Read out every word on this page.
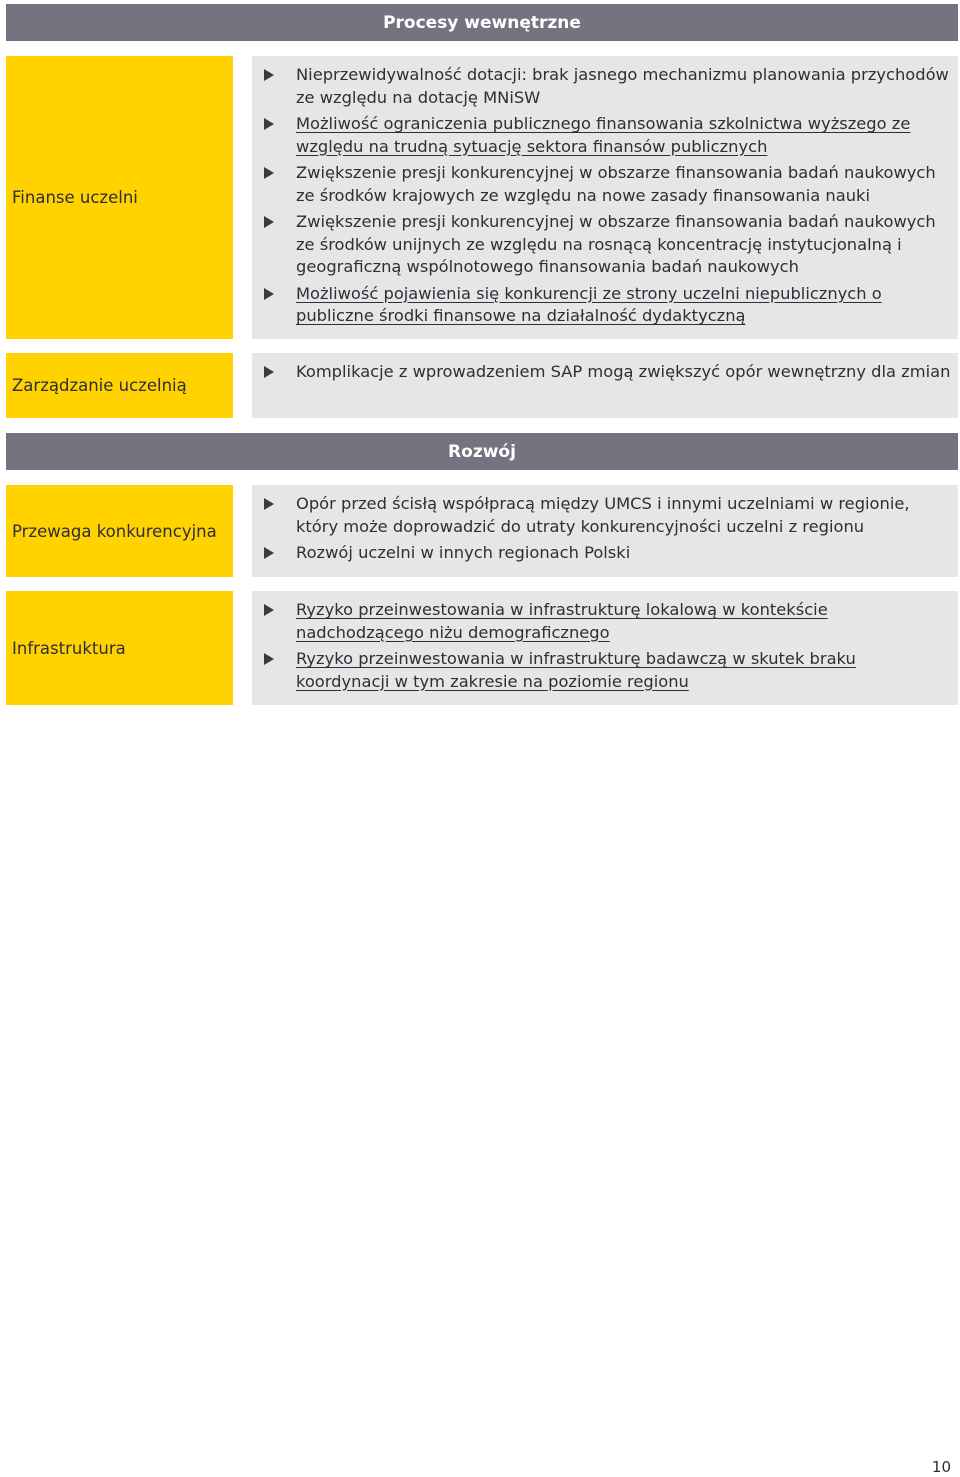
Procesy wewnętrzne
Finanse uczelni
Nieprzewidywalność dotacji: brak jasnego mechanizmu planowania przychodów ze względu na dotację MNiSW
Możliwość ograniczenia publicznego finansowania szkolnictwa wyższego ze względu na trudną sytuację sektora finansów publicznych
Zwiększenie presji konkurencyjnej w obszarze finansowania badań naukowych ze środków krajowych ze względu na nowe zasady finansowania nauki
Zwiększenie presji konkurencyjnej w obszarze finansowania badań naukowych ze środków unijnych ze względu na rosnącą koncentrację instytucjonalną i geograficzną wspólnotowego finansowania badań naukowych
Możliwość pojawienia się konkurencji ze strony uczelni niepublicznych o publiczne środki finansowe na działalność dydaktyczną
Zarządzanie uczelnią
Komplikacje z wprowadzeniem SAP mogą zwiększyć opór wewnętrzny dla zmian
Rozwój
Przewaga konkurencyjna
Opór przed ścisłą współpracą między UMCS i innymi uczelniami w regionie, który może doprowadzić do utraty konkurencyjności uczelni z regionu
Rozwój uczelni w innych regionach Polski
Infrastruktura
Ryzyko przeinwestowania w infrastrukturę lokalową w kontekście nadchodzącego niżu demograficznego
Ryzyko przeinwestowania w infrastrukturę badawczą w skutek braku koordynacji w tym zakresie na poziomie regionu
10
